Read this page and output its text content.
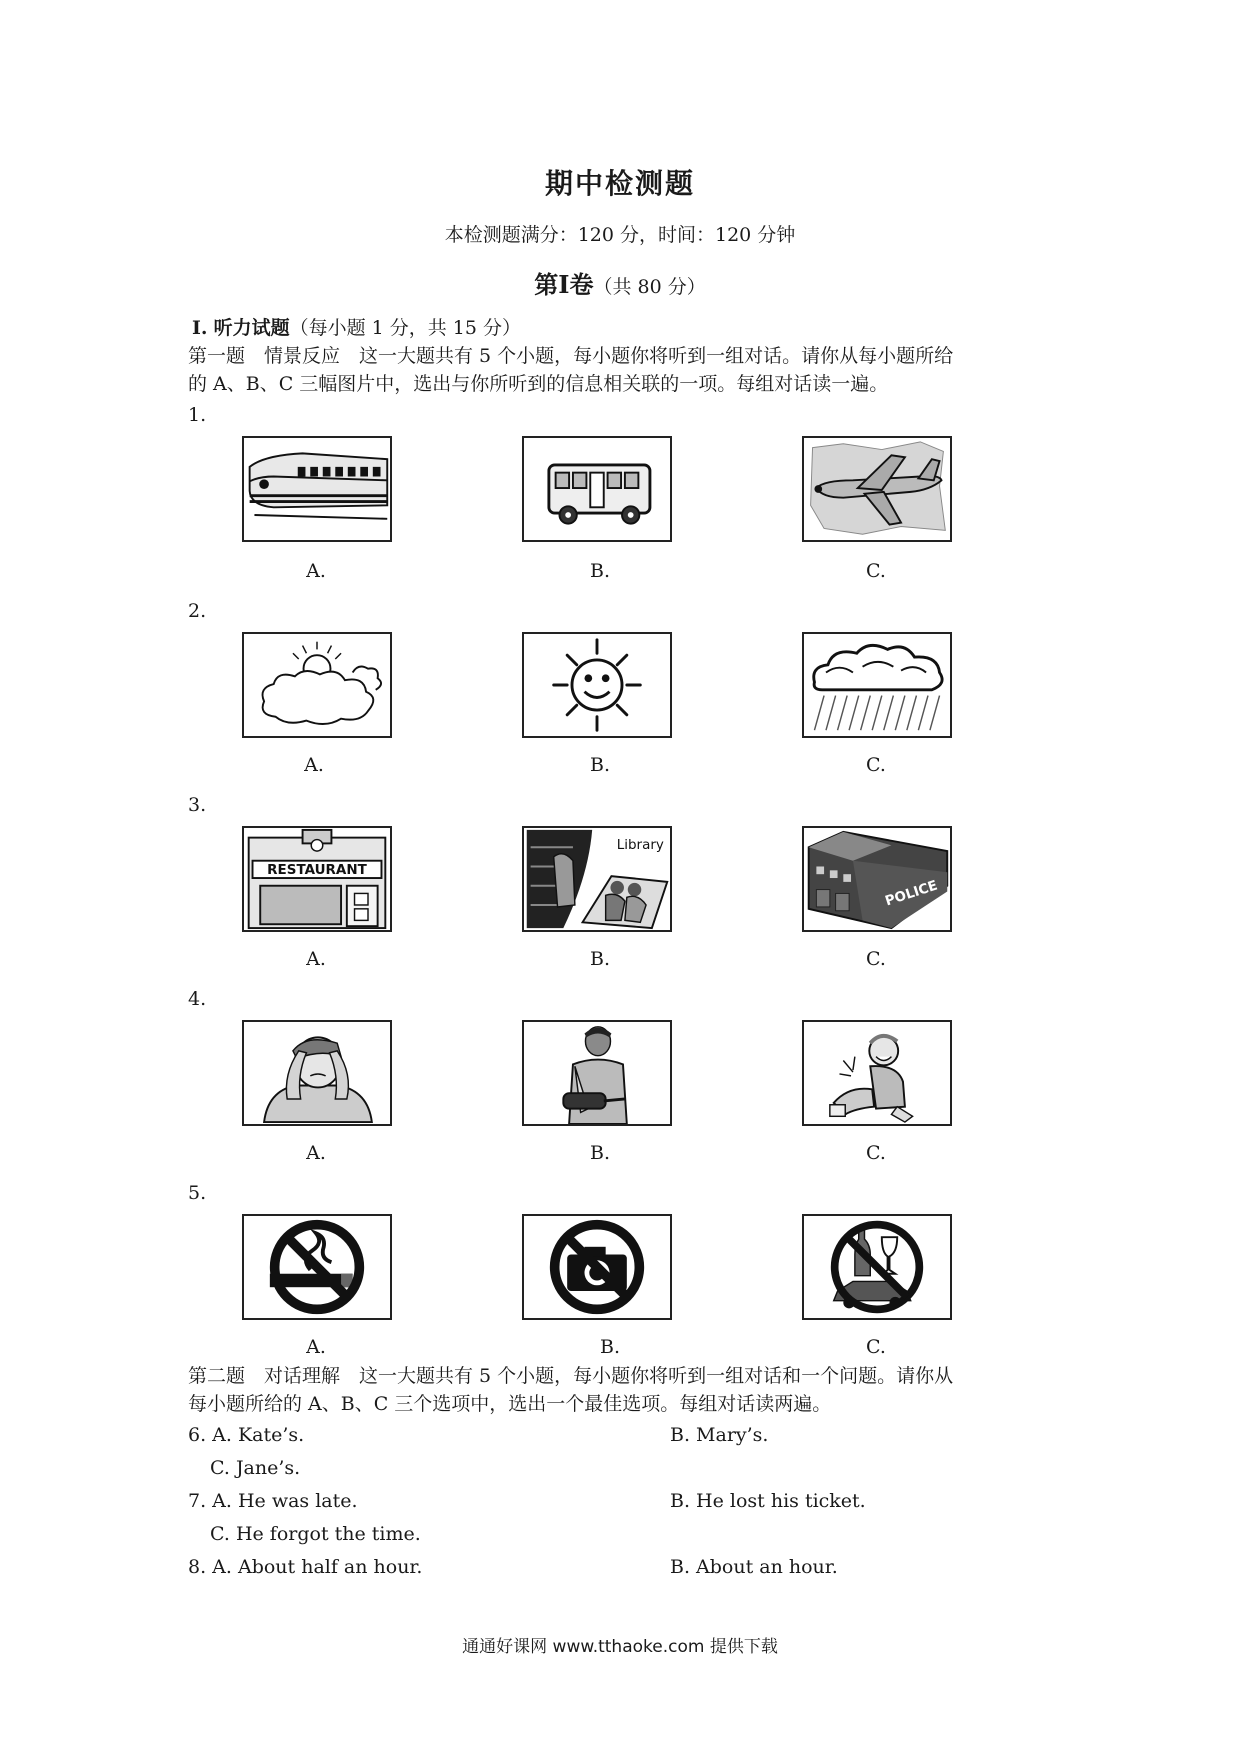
期中检测题
本检测题满分：120 分，时间：120 分钟
第Ⅰ卷（共 80 分）
Ⅰ. 听力试题（每小题 1 分，共 15 分）
第一题　情景反应　这一大题共有 5 个小题，每小题你将听到一组对话。请你从每小题所给
的 A、B、C 三幅图片中，选出与你所听到的信息相关联的一项。每组对话读一遍。
1.
A.	B.	C.
2.
A.	B.	C.
3.
RESTAURANT
Library
POLICE
A.	B.	C.
4.
A.	B.	C.
5.
A.	B.	C.
第二题　对话理解　这一大题共有 5 个小题，每小题你将听到一组对话和一个问题。请你从
每小题所给的 A、B、C 三个选项中，选出一个最佳选项。每组对话读两遍。
6. A. Kate’s.	B. Mary’s.
C. Jane’s.
7. A. He was late.	B. He lost his ticket.
C. He forgot the time.
8. A. About half an hour.	B. About an hour.
通通好课网 www.tthaoke.com 提供下载
